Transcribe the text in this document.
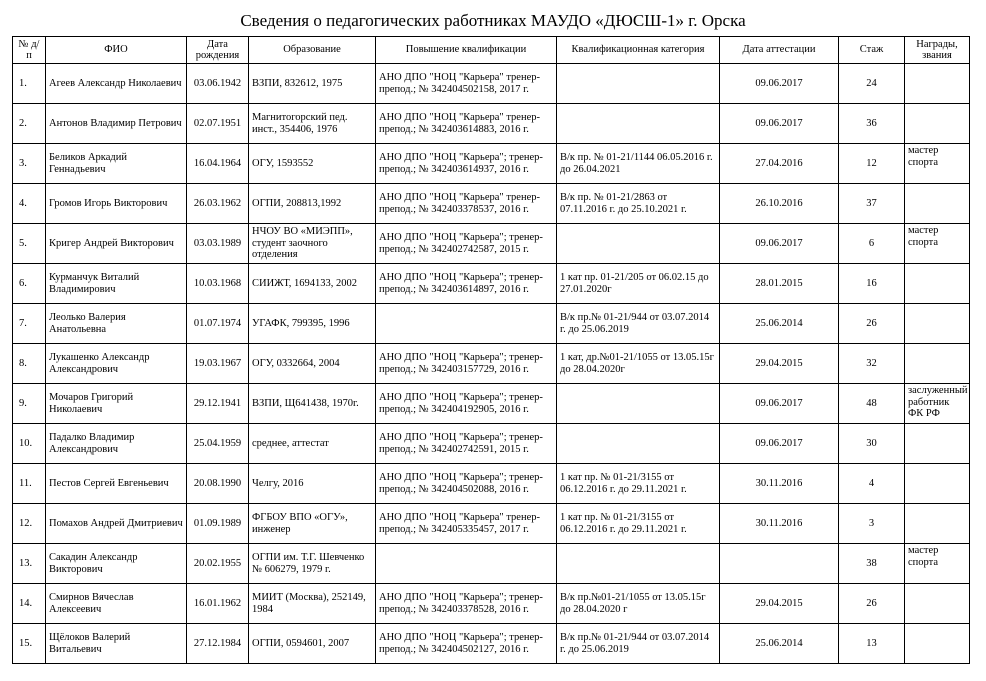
Сведения о педагогических работниках МАУДО «ДЮСШ-1» г. Орска
№ д/п	ФИО	Дата рождения	Образование	Повышение квалификации	Квалификационная категория	Дата аттестации	Стаж	Награды, звания
1.	Агеев Александр Николаевич	03.06.1942	ВЗПИ, 832612, 1975	АНО ДПО "НОЦ "Карьера" тренер-препод.; № 342404502158, 2017 г.		09.06.2017	24	
2.	Антонов Владимир Петрович	02.07.1951	Магнитогорский пед. инст., 354406, 1976	АНО ДПО "НОЦ "Карьера" тренер-препод.; № 342403614883, 2016 г.		09.06.2017	36	
3.	Беликов Аркадий Геннадьевич	16.04.1964	ОГУ, 1593552	АНО ДПО "НОЦ "Карьера"; тренер-препод.; № 342403614937, 2016 г.	В/к пр. № 01-21/1144 06.05.2016 г. до 26.04.2021	27.04.2016	12	мастер спорта
4.	Громов Игорь Викторович	26.03.1962	ОГПИ, 208813,1992	АНО ДПО "НОЦ "Карьера" тренер-препод.; № 342403378537, 2016 г.	В/к пр. № 01-21/2863 от 07.11.2016 г. до 25.10.2021 г.	26.10.2016	37	
5.	Кригер Андрей Викторович	03.03.1989	НЧОУ ВО «МИЭПП», студент заочного отделения	АНО ДПО "НОЦ "Карьера"; тренер-препод.; № 342402742587, 2015 г.		09.06.2017	6	мастер спорта
6.	Курманчук Виталий Владимирович	10.03.1968	СИИЖТ, 1694133, 2002	АНО ДПО "НОЦ "Карьера"; тренер-препод.; № 342403614897, 2016 г.	1 кат пр. 01-21/205 от 06.02.15 до 27.01.2020г	28.01.2015	16	
7.	Леолько Валерия Анатольевна	01.07.1974	УГАФК, 799395, 1996		В/к пр.№ 01-21/944 от 03.07.2014 г. до 25.06.2019	25.06.2014	26	
8.	Лукашенко Александр Александрович	19.03.1967	ОГУ, 0332664, 2004	АНО ДПО "НОЦ "Карьера"; тренер-препод.; № 342403157729, 2016 г.	1 кат, др.№01-21/1055 от 13.05.15г до 28.04.2020г	29.04.2015	32	
9.	Мочаров Григорий Николаевич	29.12.1941	ВЗПИ, Щ641438, 1970г.	АНО ДПО "НОЦ "Карьера"; тренер-препод.; № 342404192905, 2016 г.		09.06.2017	48	заслуженный работник ФК РФ
10.	Падалко Владимир Александрович	25.04.1959	среднее, аттестат	АНО ДПО "НОЦ "Карьера"; тренер-препод.; № 342402742591, 2015 г.		09.06.2017	30	
11.	Пестов Сергей Евгеньевич	20.08.1990	Челгу, 2016	АНО ДПО "НОЦ "Карьера"; тренер-препод.; № 342404502088, 2016 г.	1 кат пр. № 01-21/3155 от 06.12.2016 г. до 29.11.2021 г.	30.11.2016	4	
12.	Помахов Андрей Дмитриевич	01.09.1989	ФГБОУ ВПО «ОГУ», инженер	АНО ДПО "НОЦ "Карьера" тренер-препод.; № 342405335457, 2017 г.	1 кат пр. № 01-21/3155 от 06.12.2016 г. до 29.11.2021 г.	30.11.2016	3	
13.	Сакадин Александр Викторович	20.02.1955	ОГПИ им. Т.Г. Шевченко № 606279, 1979 г.				38	мастер спорта
14.	Смирнов Вячеслав Алексеевич	16.01.1962	МИИТ (Москва), 252149, 1984	АНО ДПО "НОЦ "Карьера"; тренер-препод.; № 342403378528, 2016 г.	В/к пр.№01-21/1055 от 13.05.15г до 28.04.2020 г	29.04.2015	26	
15.	Щёлоков Валерий Витальевич	27.12.1984	ОГПИ, 0594601, 2007	АНО ДПО "НОЦ "Карьера"; тренер-препод.; № 342404502127, 2016 г.	В/к пр.№ 01-21/944 от 03.07.2014 г. до 25.06.2019	25.06.2014	13	
